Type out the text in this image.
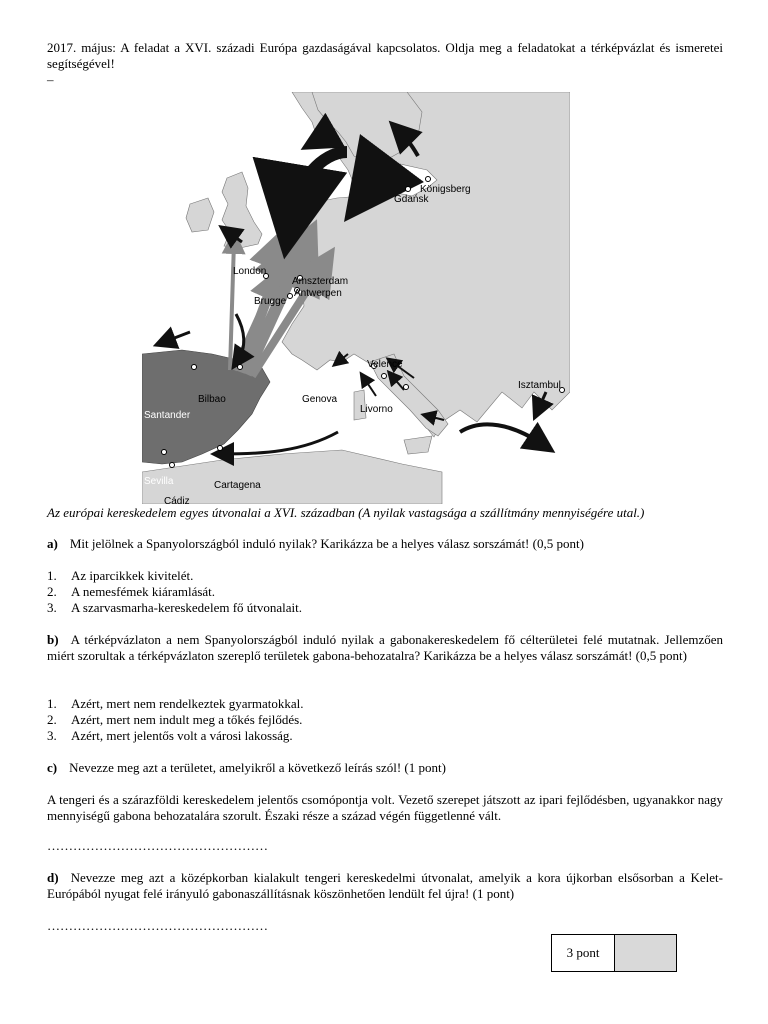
2017. május: A feladat a XVI. századi Európa gazdaságával kapcsolatos. Oldja meg a feladatokat a térképvázlat és ismeretei segítségével!

–

London
Amszterdam
Antwerpen
Brugge
Gdańsk
Königsberg
Velence
Isztambul
Genova
Livorno
Bilbao
Santander
Sevilla
Cádiz
Cartagena

Az európai kereskedelem egyes útvonalai a XVI. században (A nyilak vastagsága a szállítmány mennyiségére utal.)

a) Mit jelölnek a Spanyolországból induló nyilak? Karikázza be a helyes válasz sorszámát! (0,5 pont)

1. Az iparcikkek kivitelét.

2. A nemesfémek kiáramlását.

3. A szarvasmarha-kereskedelem fő útvonalait.

b) A térképvázlaton a nem Spanyolországból induló nyilak a gabonakereskedelem fő célterületei felé mutatnak. Jellemzően miért szorultak a térképvázlaton szereplő területek gabona-behozatalra? Karikázza be a helyes válasz sorszámát! (0,5 pont)

1. Azért, mert nem rendelkeztek gyarmatokkal.

2. Azért, mert nem indult meg a tőkés fejlődés.

3. Azért, mert jelentős volt a városi lakosság.

c) Nevezze meg azt a területet, amelyikről a következő leírás szól! (1 pont)

A tengeri és a szárazföldi kereskedelem jelentős csomópontja volt. Vezető szerepet játszott az ipari fejlődésben, ugyanakkor nagy mennyiségű gabona behozatalára szorult. Északi része a század végén függetlenné vált.

……………………………………………

d) Nevezze meg azt a középkorban kialakult tengeri kereskedelmi útvonalat, amelyik a kora újkorban elsősorban a Kelet-Európából nyugat felé irányuló gabonaszállításnak köszönhetően lendült fel újra! (1 pont)

……………………………………………

3 pont
